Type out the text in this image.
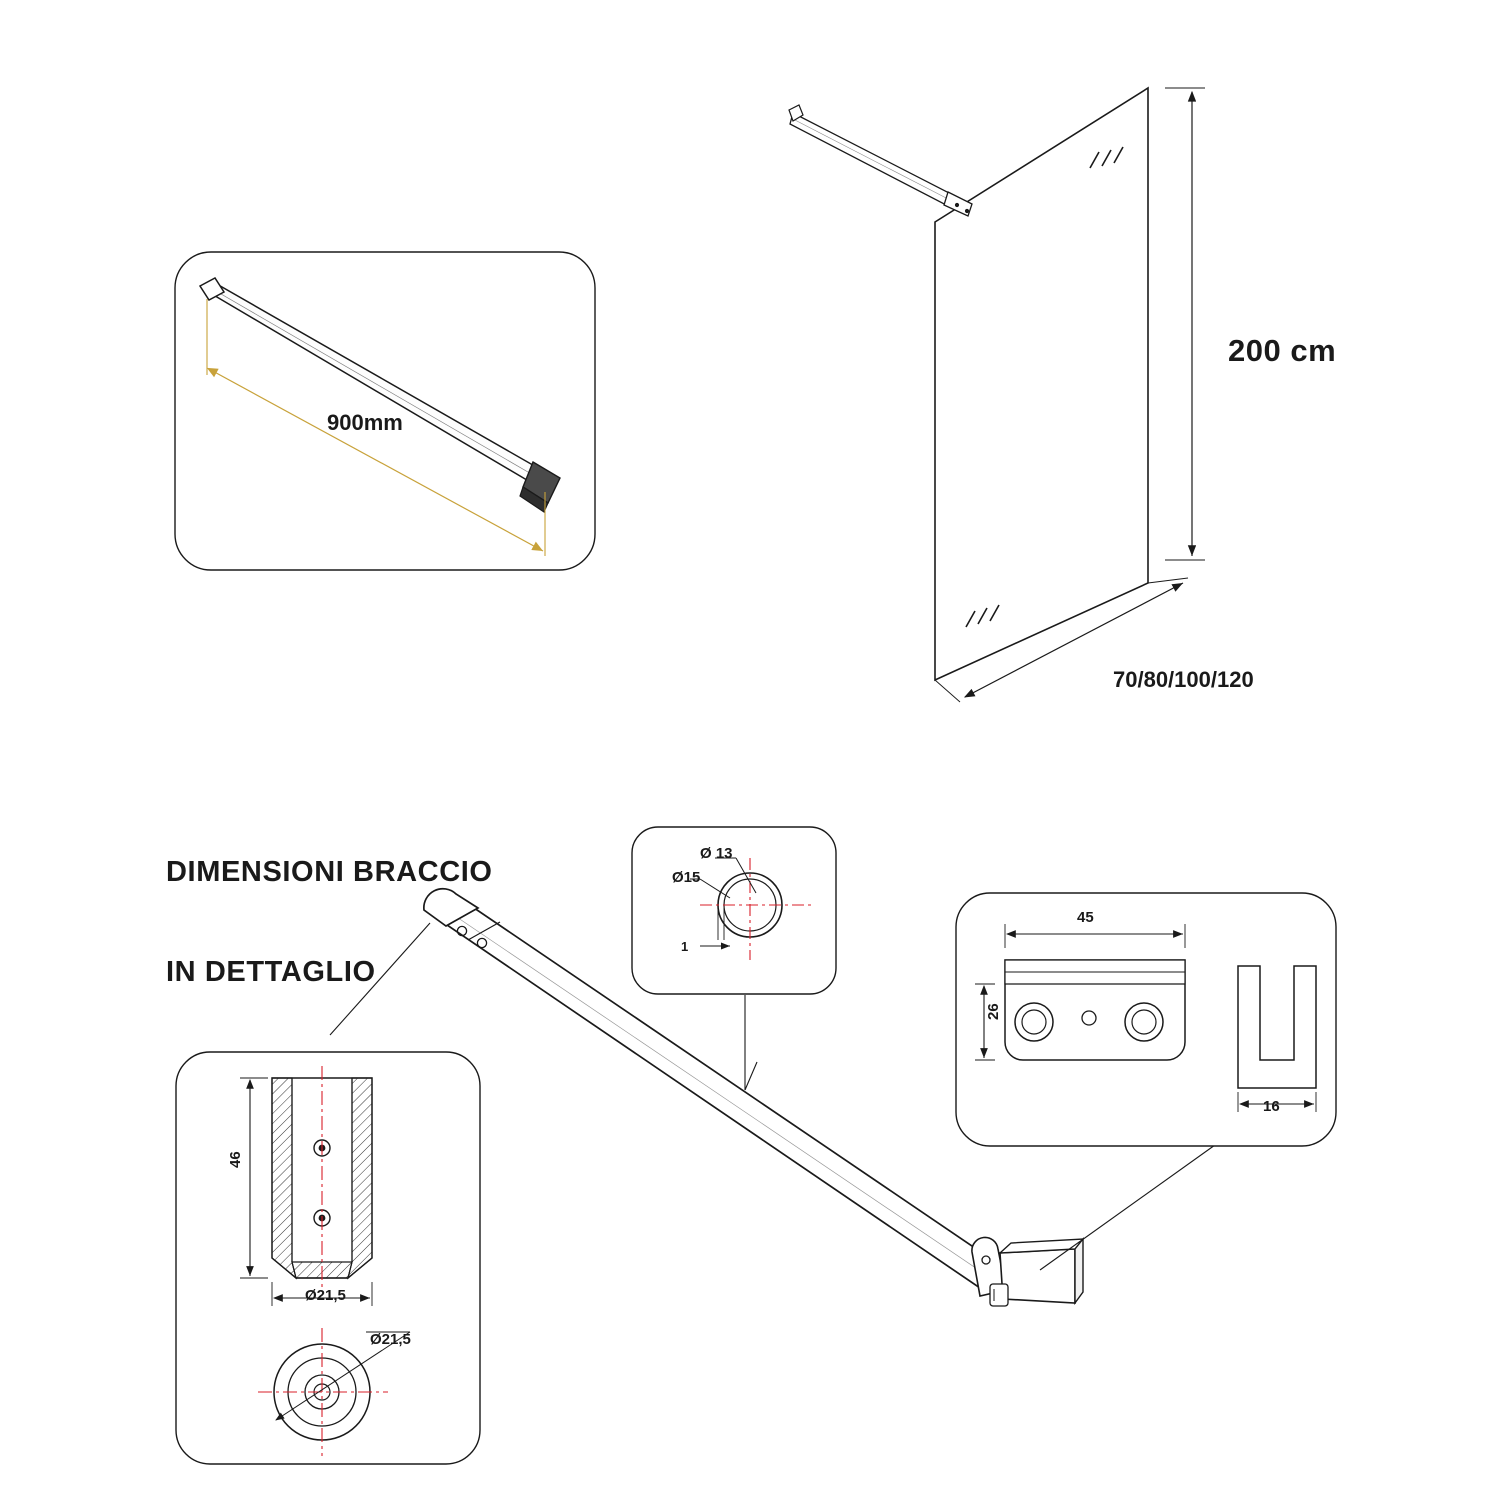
200 cm
70/80/100/120
900mm

DIMENSIONI BRACCIO

IN DETTAGLIO

Ø 13
Ø15
1
46
Ø21,5
Ø21,5
45
26
16
